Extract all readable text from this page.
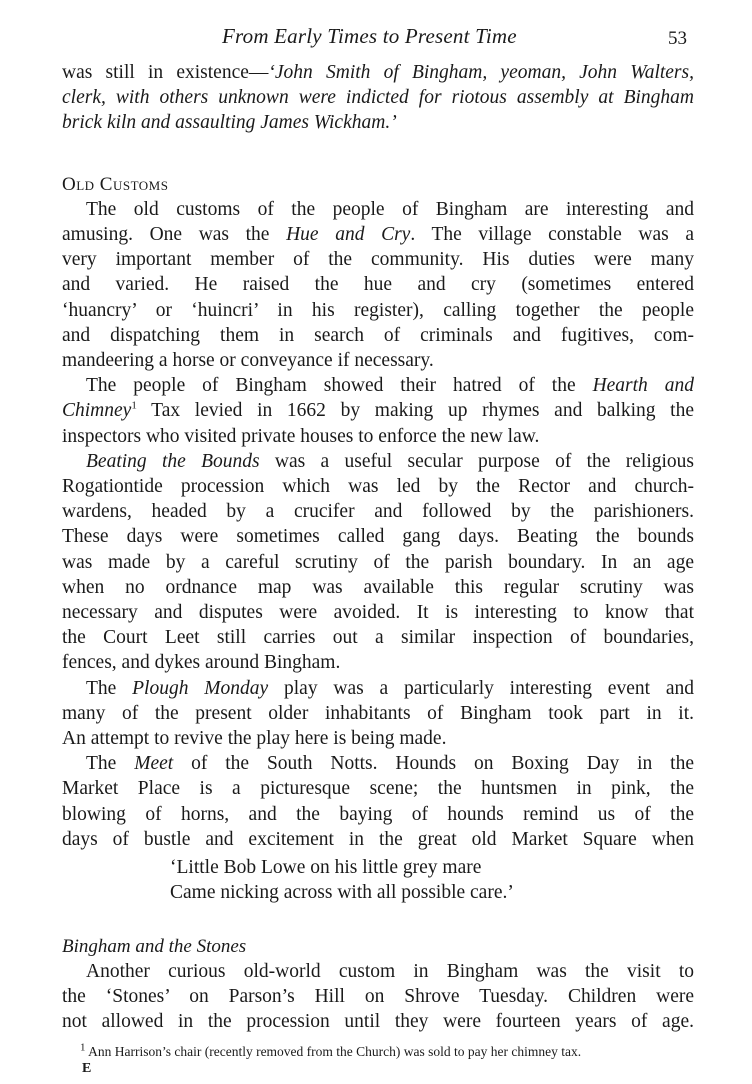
From Early Times to Present Time	53
was still in existence—‘John Smith of Bingham, yeoman, John Walters,
clerk, with others unknown were indicted for riotous assembly at Bingham
brick kiln and assaulting James Wickham.’
Old Customs
The old customs of the people of Bingham are interesting and
amusing. One was the Hue and Cry. The village constable was a
very important member of the community. His duties were many
and varied. He raised the hue and cry (sometimes entered
‘huancry’ or ‘huincri’ in his register), calling together the people
and dispatching them in search of criminals and fugitives, com-
mandeering a horse or conveyance if necessary.
The people of Bingham showed their hatred of the Hearth and
Chimney$^1$ Tax levied in 1662 by making up rhymes and balking the
inspectors who visited private houses to enforce the new law.
Beating the Bounds was a useful secular purpose of the religious
Rogationtide procession which was led by the Rector and church-
wardens, headed by a crucifer and followed by the parishioners.
These days were sometimes called gang days. Beating the bounds
was made by a careful scrutiny of the parish boundary. In an age
when no ordnance map was available this regular scrutiny was
necessary and disputes were avoided. It is interesting to know that
the Court Leet still carries out a similar inspection of boundaries,
fences, and dykes around Bingham.
The Plough Monday play was a particularly interesting event and
many of the present older inhabitants of Bingham took part in it.
An attempt to revive the play here is being made.
The Meet of the South Notts. Hounds on Boxing Day in the
Market Place is a picturesque scene; the huntsmen in pink, the
blowing of horns, and the baying of hounds remind us of the
days of bustle and excitement in the great old Market Square when
‘Little Bob Lowe on his little grey mare
Came nicking across with all possible care.’
Bingham and the Stones
Another curious old-world custom in Bingham was the visit to
the ‘Stones’ on Parson’s Hill on Shrove Tuesday. Children were
not allowed in the procession until they were fourteen years of age.
$^1$ Ann Harrison’s chair (recently removed from the Church) was sold to pay her chimney tax.
E
